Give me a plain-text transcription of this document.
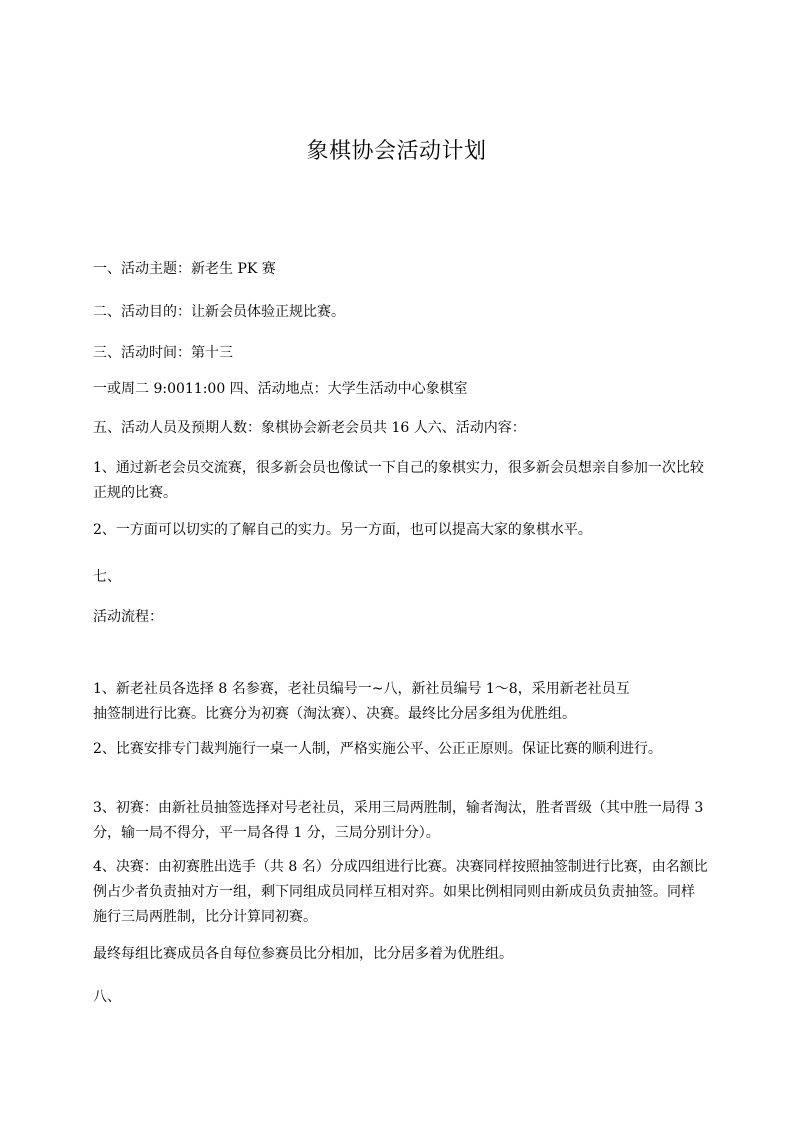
象棋协会活动计划

一、活动主题：新老生 PK 赛

二、活动目的：让新会员体验正规比赛。

三、活动时间：第十三

一或周二 9:0011:00 四、活动地点：大学生活动中心象棋室

五、活动人员及预期人数：象棋协会新老会员共 16 人六、活动内容：

1、通过新老会员交流赛，很多新会员也像试一下自己的象棋实力，很多新会员想亲自参加一次比较正规的比赛。

2、一方面可以切实的了解自己的实力。另一方面，也可以提高大家的象棋水平。

七、

活动流程：

1、新老社员各选择 8 名参赛，老社员编号一~八，新社员编号 1～8，采用新老社员互

抽签制进行比赛。比赛分为初赛（淘汰赛）、决赛。最终比分居多组为优胜组。

2、比赛安排专门裁判施行一桌一人制，严格实施公平、公正正原则。保证比赛的顺利进行。

3、初赛：由新社员抽签选择对号老社员，采用三局两胜制，输者淘汰，胜者晋级（其中胜一局得 3 分，输一局不得分，平一局各得 1 分，三局分别计分）。

4、决赛：由初赛胜出选手（共 8 名）分成四组进行比赛。决赛同样按照抽签制进行比赛，由名额比例占少者负责抽对方一组，剩下同组成员同样互相对弈。如果比例相同则由新成员负责抽签。同样施行三局两胜制，比分计算同初赛。

最终每组比赛成员各自每位参赛员比分相加，比分居多着为优胜组。

八、
